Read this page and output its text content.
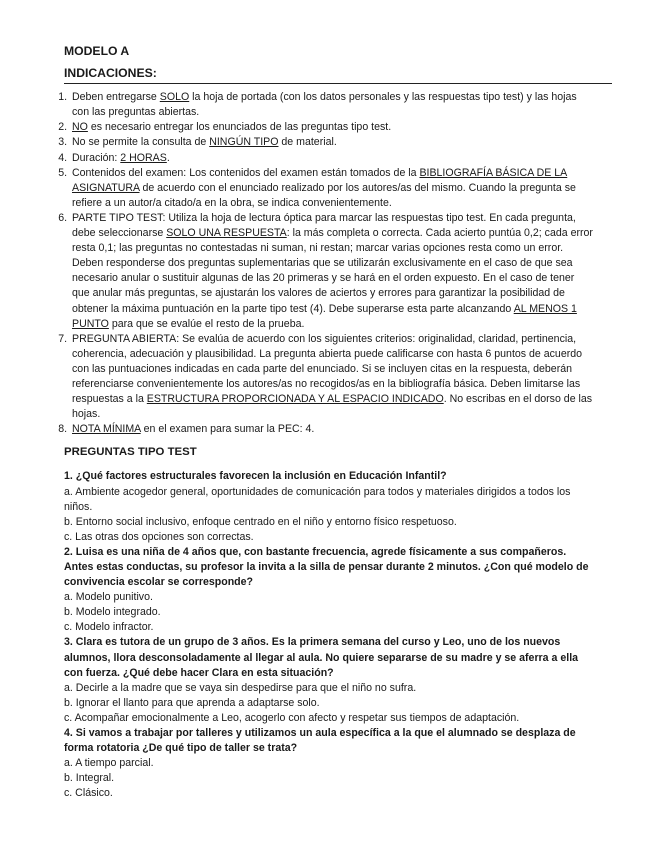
MODELO A
INDICACIONES:
1. Deben entregarse SOLO la hoja de portada (con los datos personales y las respuestas tipo test) y las hojas con las preguntas abiertas.
2. NO es necesario entregar los enunciados de las preguntas tipo test.
3. No se permite la consulta de NINGÚN TIPO de material.
4. Duración: 2 HORAS.
5. Contenidos del examen: Los contenidos del examen están tomados de la BIBLIOGRAFÍA BÁSICA DE LA ASIGNATURA de acuerdo con el enunciado realizado por los autores/as del mismo. Cuando la pregunta se refiere a un autor/a citado/a en la obra, se indica convenientemente.
6. PARTE TIPO TEST: Utiliza la hoja de lectura óptica para marcar las respuestas tipo test. En cada pregunta, debe seleccionarse SOLO UNA RESPUESTA: la más completa o correcta. Cada acierto puntúa 0,2; cada error resta 0,1; las preguntas no contestadas ni suman, ni restan; marcar varias opciones resta como un error. Deben responderse dos preguntas suplementarias que se utilizarán exclusivamente en el caso de que sea necesario anular o sustituir algunas de las 20 primeras y se hará en el orden expuesto. En el caso de tener que anular más preguntas, se ajustarán los valores de aciertos y errores para garantizar la posibilidad de obtener la máxima puntuación en la parte tipo test (4). Debe superarse esta parte alcanzando AL MENOS 1 PUNTO para que se evalúe el resto de la prueba.
7. PREGUNTA ABIERTA: Se evalúa de acuerdo con los siguientes criterios: originalidad, claridad, pertinencia, coherencia, adecuación y plausibilidad. La pregunta abierta puede calificarse con hasta 6 puntos de acuerdo con las puntuaciones indicadas en cada parte del enunciado. Si se incluyen citas en la respuesta, deberán referenciarse convenientemente los autores/as no recogidos/as en la bibliografía básica. Deben limitarse las respuestas a la ESTRUCTURA PROPORCIONADA Y AL ESPACIO INDICADO. No escribas en el dorso de las hojas.
8. NOTA MÍNIMA en el examen para sumar la PEC: 4.
PREGUNTAS TIPO TEST
1. ¿Qué factores estructurales favorecen la inclusión en Educación Infantil?
a. Ambiente acogedor general, oportunidades de comunicación para todos y materiales dirigidos a todos los niños.
b. Entorno social inclusivo, enfoque centrado en el niño y entorno físico respetuoso.
c. Las otras dos opciones son correctas.
2. Luisa es una niña de 4 años que, con bastante frecuencia, agrede físicamente a sus compañeros. Antes estas conductas, su profesor la invita a la silla de pensar durante 2 minutos. ¿Con qué modelo de convivencia escolar se corresponde?
a. Modelo punitivo.
b. Modelo integrado.
c. Modelo infractor.
3. Clara es tutora de un grupo de 3 años. Es la primera semana del curso y Leo, uno de los nuevos alumnos, llora desconsoladamente al llegar al aula. No quiere separarse de su madre y se aferra a ella con fuerza. ¿Qué debe hacer Clara en esta situación?
a. Decirle a la madre que se vaya sin despedirse para que el niño no sufra.
b. Ignorar el llanto para que aprenda a adaptarse solo.
c. Acompañar emocionalmente a Leo, acogerlo con afecto y respetar sus tiempos de adaptación.
4. Si vamos a trabajar por talleres y utilizamos un aula específica a la que el alumnado se desplaza de forma rotatoria ¿De qué tipo de taller se trata?
a. A tiempo parcial.
b. Integral.
c. Clásico.
